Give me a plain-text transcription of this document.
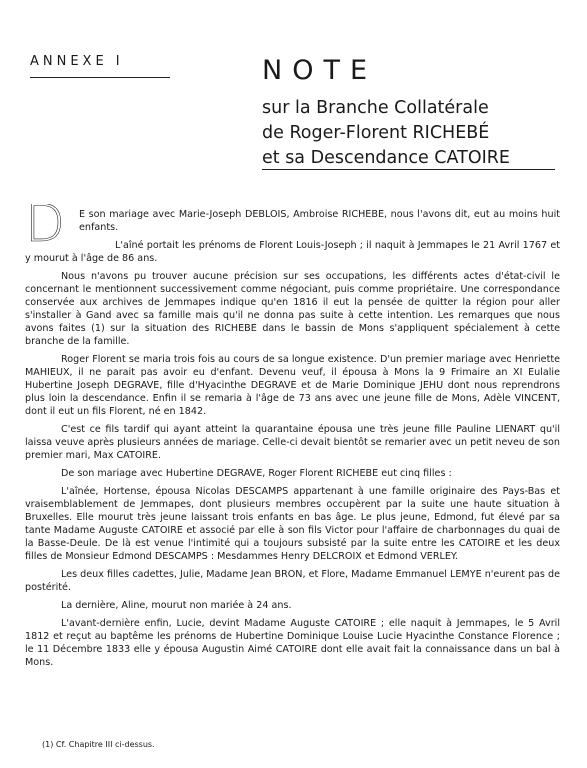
ANNEXE I	NOTE
sur la Branche Collatérale
de Roger-Florent RICHEBÉ
et sa Descendance CATOIRE

D	E son mariage avec Marie-Joseph DEBLOIS, Ambroise RICHEBE, nous l'avons dit, eut au moins huit enfants.

L'aîné portait les prénoms de Florent Louis-Joseph ; il naquit à Jemmapes le 21 Avril 1767 et y mourut à l'âge de 86 ans.

Nous n'avons pu trouver aucune précision sur ses occupations, les différents actes d'état-civil le concernant le mentionnent successivement comme négociant, puis comme propriétaire. Une correspondance conservée aux archives de Jemmapes indique qu'en 1816 il eut la pensée de quitter la région pour aller s'installer à Gand avec sa famille mais qu'il ne donna pas suite à cette intention. Les remarques que nous avons faites (1) sur la situation des RICHEBE dans le bassin de Mons s'appliquent spécialement à cette branche de la famille.

Roger Florent se maria trois fois au cours de sa longue existence. D'un premier mariage avec Henriette MAHIEUX, il ne parait pas avoir eu d'enfant. Devenu veuf, il épousa à Mons la 9 Frimaire an XI Eulalie Hubertine Joseph DEGRAVE, fille d'Hyacinthe DEGRAVE et de Marie Dominique JEHU dont nous reprendrons plus loin la descendance. Enfin il se remaria à l'âge de 73 ans avec une jeune fille de Mons, Adèle VINCENT, dont il eut un fils Florent, né en 1842.

C'est ce fils tardif qui ayant atteint la quarantaine épousa une très jeune fille Pauline LIENART qu'il laissa veuve après plusieurs années de mariage. Celle-ci devait bientôt se remarier avec un petit neveu de son premier mari, Max CATOIRE.

De son mariage avec Hubertine DEGRAVE, Roger Florent RICHEBE eut cinq filles :

L'aînée, Hortense, épousa Nicolas DESCAMPS appartenant à une famille originaire des Pays-Bas et vraisemblablement de Jemmapes, dont plusieurs membres occupèrent par la suite une haute situation à Bruxelles. Elle mourut très jeune laissant trois enfants en bas âge. Le plus jeune, Edmond, fut élevé par sa tante Madame Auguste CATOIRE et associé par elle à son fils Victor pour l'affaire de charbonnages du quai de la Basse-Deule. De là est venue l'intimité qui a toujours subsisté par la suite entre les CATOIRE et les deux filles de Monsieur Edmond DESCAMPS : Mesdammes Henry DELCROIX et Edmond VERLEY.

Les deux filles cadettes, Julie, Madame Jean BRON, et Flore, Madame Emmanuel LEMYE n'eurent pas de postérité.

La dernière, Aline, mourut non mariée à 24 ans.

L'avant-dernière enfin, Lucie, devint Madame Auguste CATOIRE ; elle naquit à Jemmapes, le 5 Avril 1812 et reçut au baptême les prénoms de Hubertine Dominique Louise Lucie Hyacinthe Constance Florence ; le 11 Décembre 1833 elle y épousa Augustin Aimé CATOIRE dont elle avait fait la connaissance dans un bal à Mons.

(1) Cf. Chapitre III ci-dessus.
